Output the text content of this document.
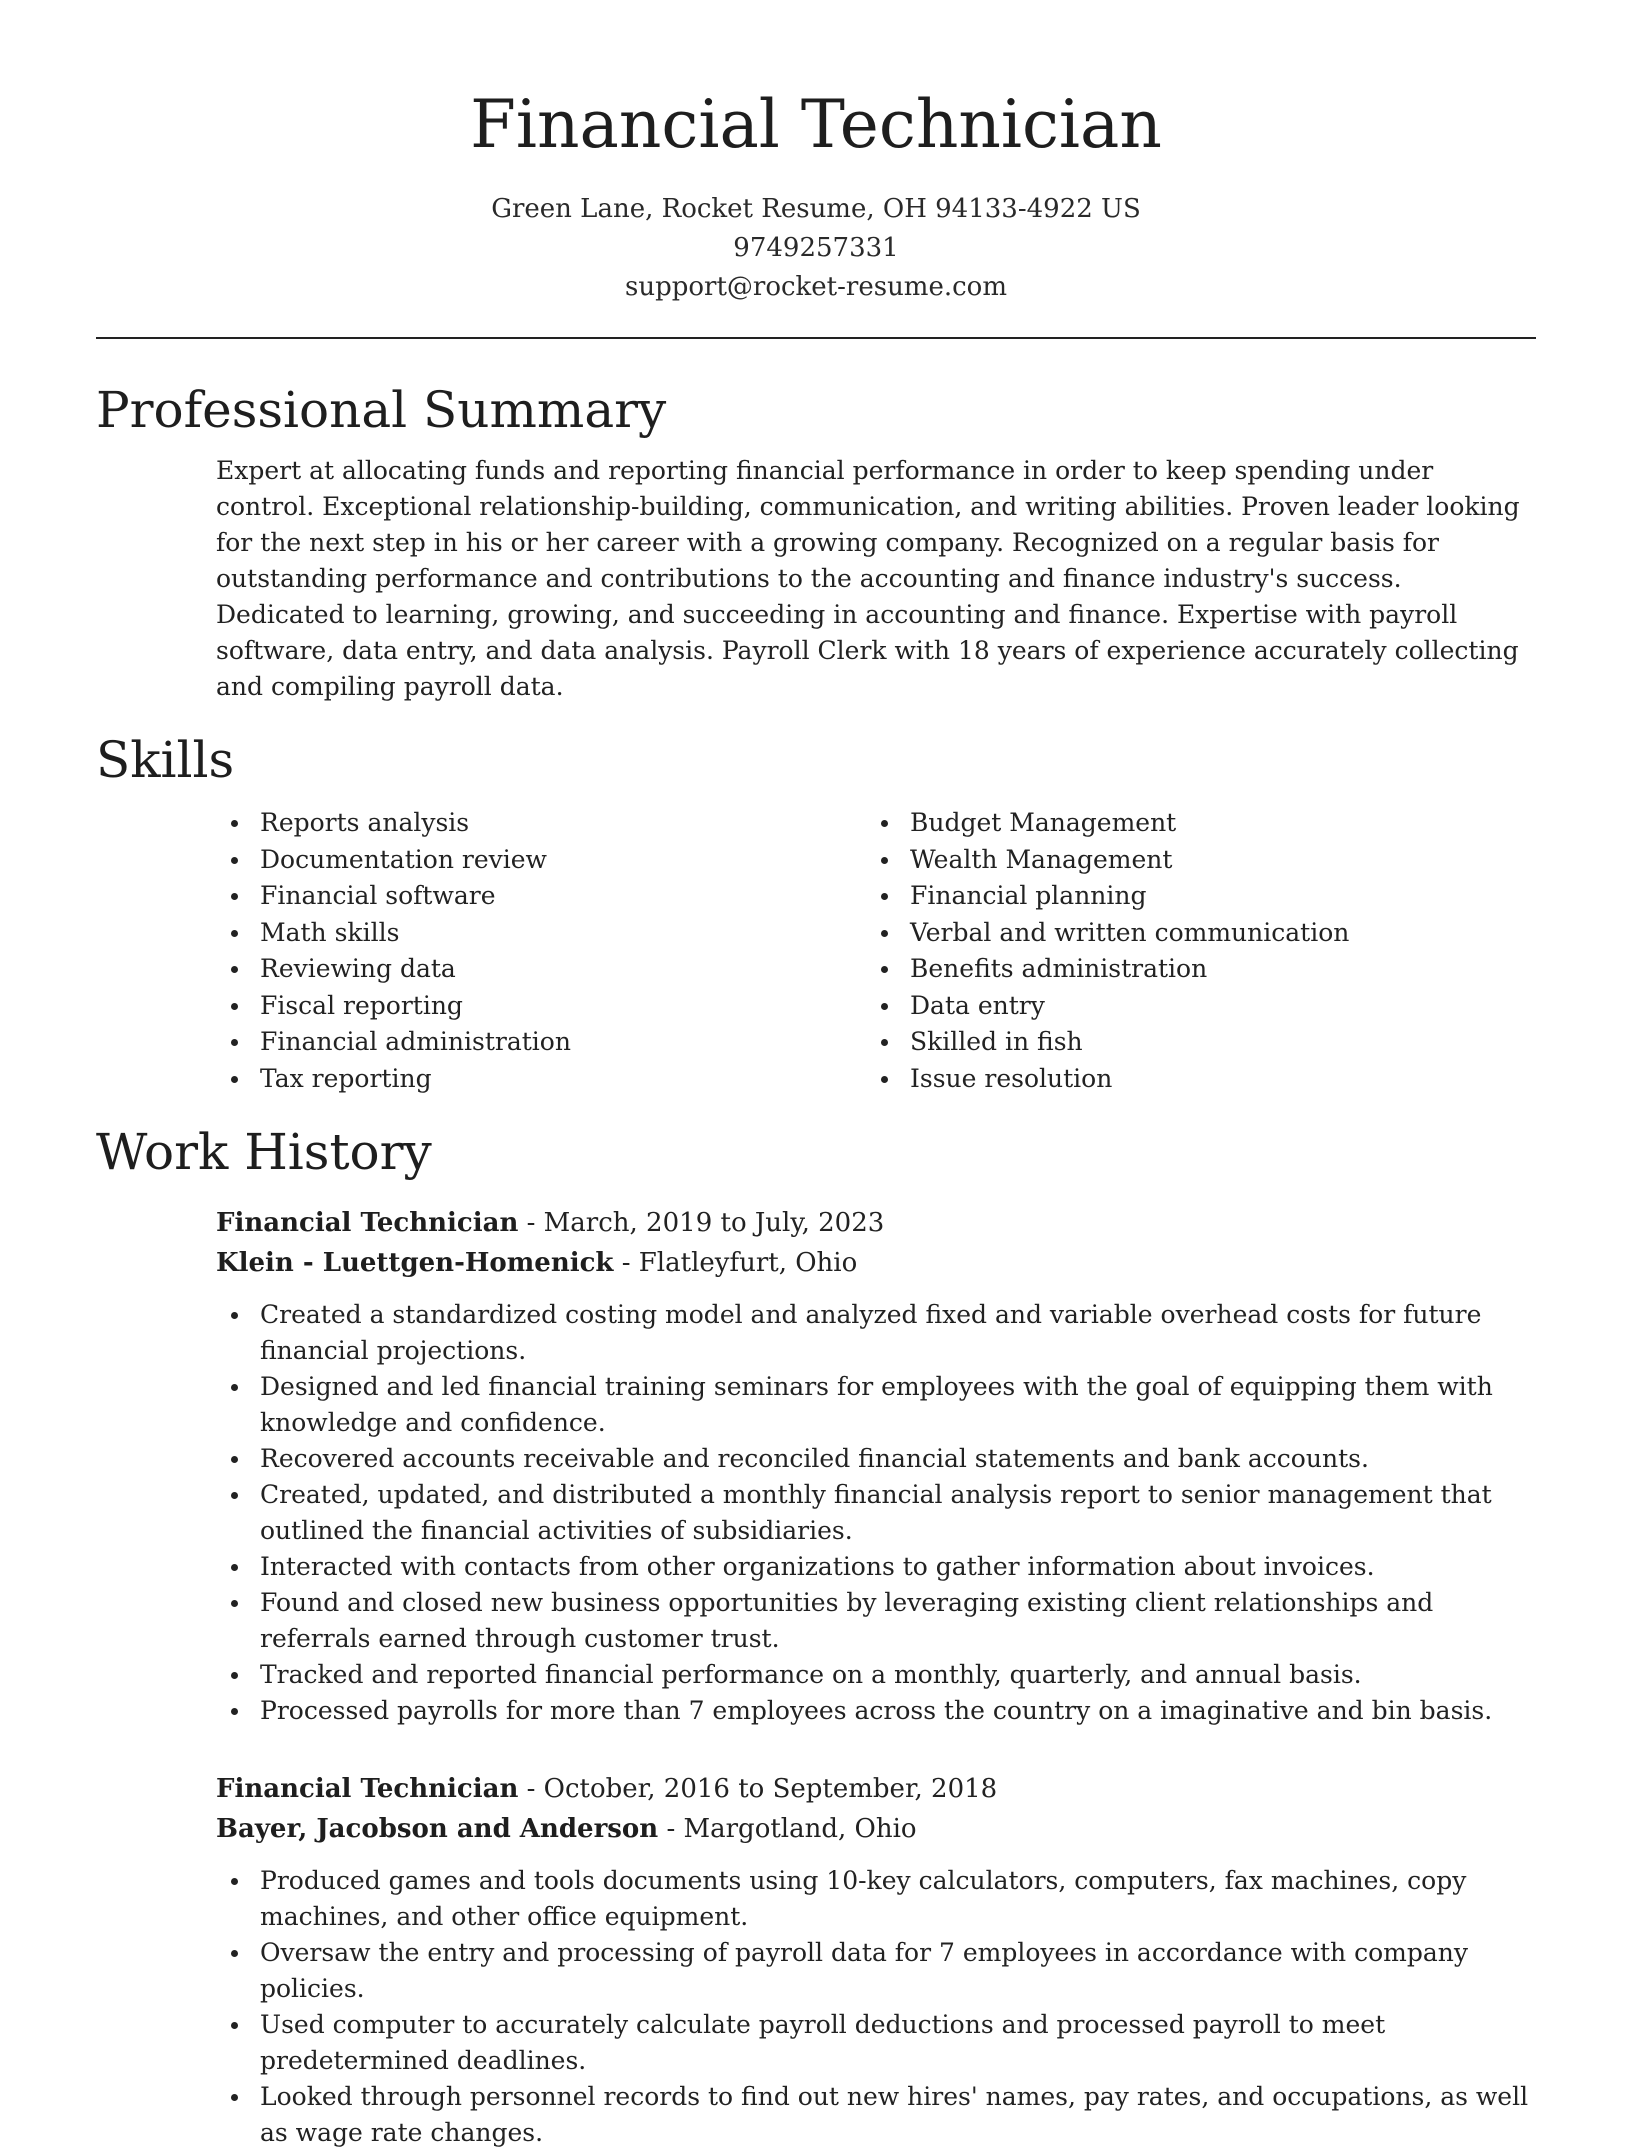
Financial Technician
Green Lane, Rocket Resume, OH 94133-4922 US
9749257331
support@rocket-resume.com
Professional Summary

Expert at allocating funds and reporting financial performance in order to keep spending under control. Exceptional relationship-building, communication, and writing abilities. Proven leader looking for the next step in his or her career with a growing company. Recognized on a regular basis for outstanding performance and contributions to the accounting and finance industry's success. Dedicated to learning, growing, and succeeding in accounting and finance. Expertise with payroll software, data entry, and data analysis. Payroll Clerk with 18 years of experience accurately collecting and compiling payroll data.

Skills
Reports analysis
Documentation review
Financial software
Math skills
Reviewing data
Fiscal reporting
Financial administration
Tax reporting
Budget Management
Wealth Management
Financial planning
Verbal and written communication
Benefits administration
Data entry
Skilled in fish
Issue resolution
Work History
Financial Technician - March, 2019 to July, 2023
Klein - Luettgen-Homenick - Flatleyfurt, Ohio
Created a standardized costing model and analyzed fixed and variable overhead costs for future financial projections.
Designed and led financial training seminars for employees with the goal of equipping them with knowledge and confidence.
Recovered accounts receivable and reconciled financial statements and bank accounts.
Created, updated, and distributed a monthly financial analysis report to senior management that outlined the financial activities of subsidiaries.
Interacted with contacts from other organizations to gather information about invoices.
Found and closed new business opportunities by leveraging existing client relationships and referrals earned through customer trust.
Tracked and reported financial performance on a monthly, quarterly, and annual basis.
Processed payrolls for more than 7 employees across the country on a imaginative and bin basis.
Financial Technician - October, 2016 to September, 2018
Bayer, Jacobson and Anderson - Margotland, Ohio
Produced games and tools documents using 10-key calculators, computers, fax machines, copy machines, and other office equipment.
Oversaw the entry and processing of payroll data for 7 employees in accordance with company policies.
Used computer to accurately calculate payroll deductions and processed payroll to meet predetermined deadlines.
Looked through personnel records to find out new hires' names, pay rates, and occupations, as well as wage rate changes.
